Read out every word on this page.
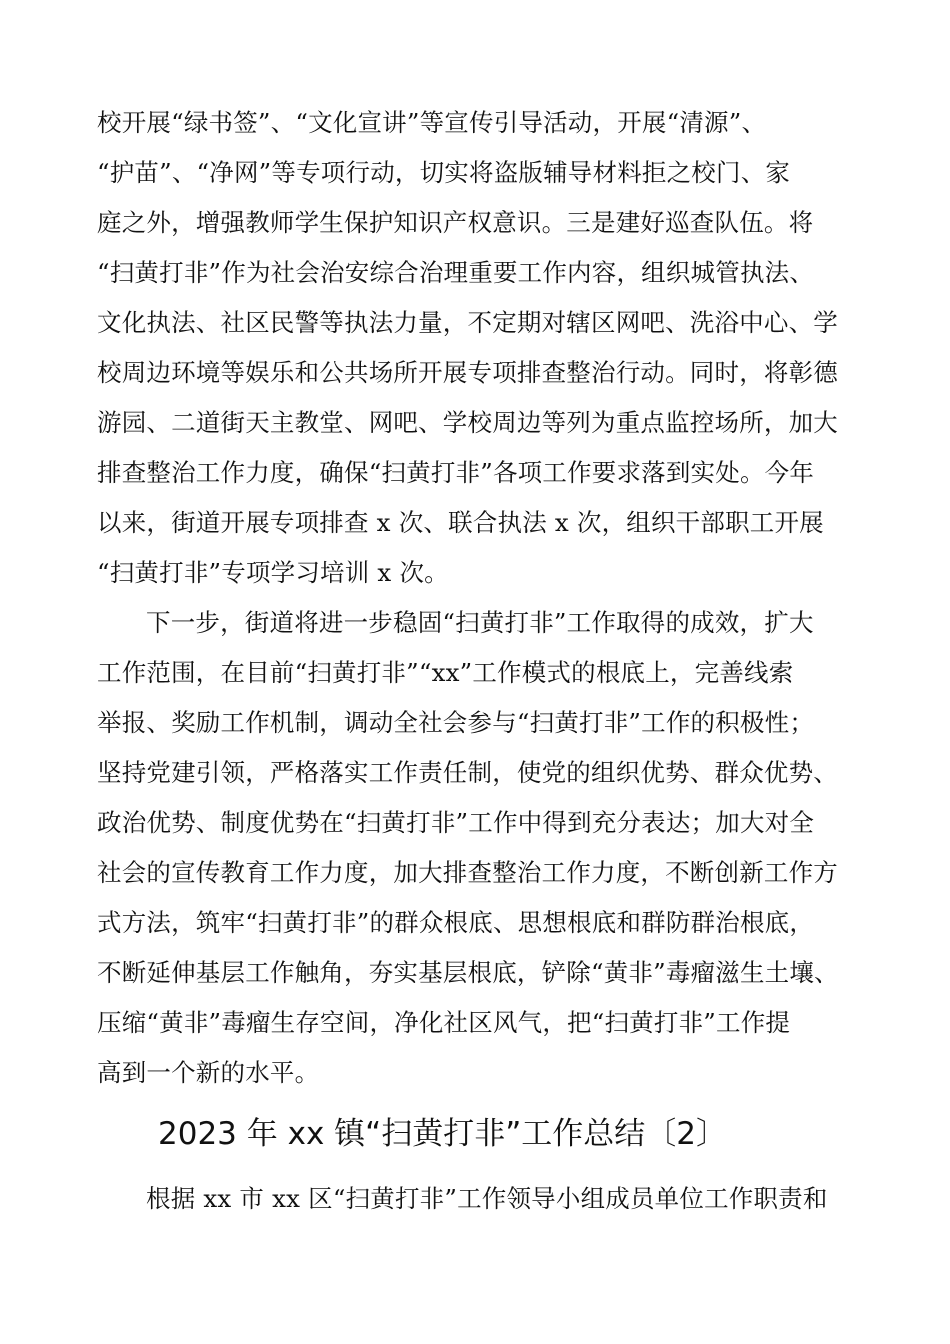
校开展“绿书签”、“文化宣讲”等宣传引导活动，开展“清源”、
“护苗”、“净网”等专项行动，切实将盗版辅导材料拒之校门、家
庭之外，增强教师学生保护知识产权意识。三是建好巡查队伍。将
“扫黄打非”作为社会治安综合治理重要工作内容，组织城管执法、
文化执法、社区民警等执法力量，不定期对辖区网吧、洗浴中心、学
校周边环境等娱乐和公共场所开展专项排查整治行动。同时，将彰德
游园、二道街天主教堂、网吧、学校周边等列为重点监控场所，加大
排查整治工作力度，确保“扫黄打非”各项工作要求落到实处。今年
以来，街道开展专项排查 x 次、联合执法 x 次，组织干部职工开展
“扫黄打非”专项学习培训 x 次。
下一步，街道将进一步稳固“扫黄打非”工作取得的成效，扩大
工作范围，在目前“扫黄打非”“xx”工作模式的根底上，完善线索
举报、奖励工作机制，调动全社会参与“扫黄打非”工作的积极性；
坚持党建引领，严格落实工作责任制，使党的组织优势、群众优势、
政治优势、制度优势在“扫黄打非”工作中得到充分表达；加大对全
社会的宣传教育工作力度，加大排查整治工作力度，不断创新工作方
式方法，筑牢“扫黄打非”的群众根底、思想根底和群防群治根底，
不断延伸基层工作触角，夯实基层根底，铲除“黄非”毒瘤滋生土壤、
压缩“黄非”毒瘤生存空间，净化社区风气，把“扫黄打非”工作提
高到一个新的水平。
2023 年 xx 镇“扫黄打非”工作总结〔2〕
根据 xx 市 xx 区“扫黄打非”工作领导小组成员单位工作职责和
